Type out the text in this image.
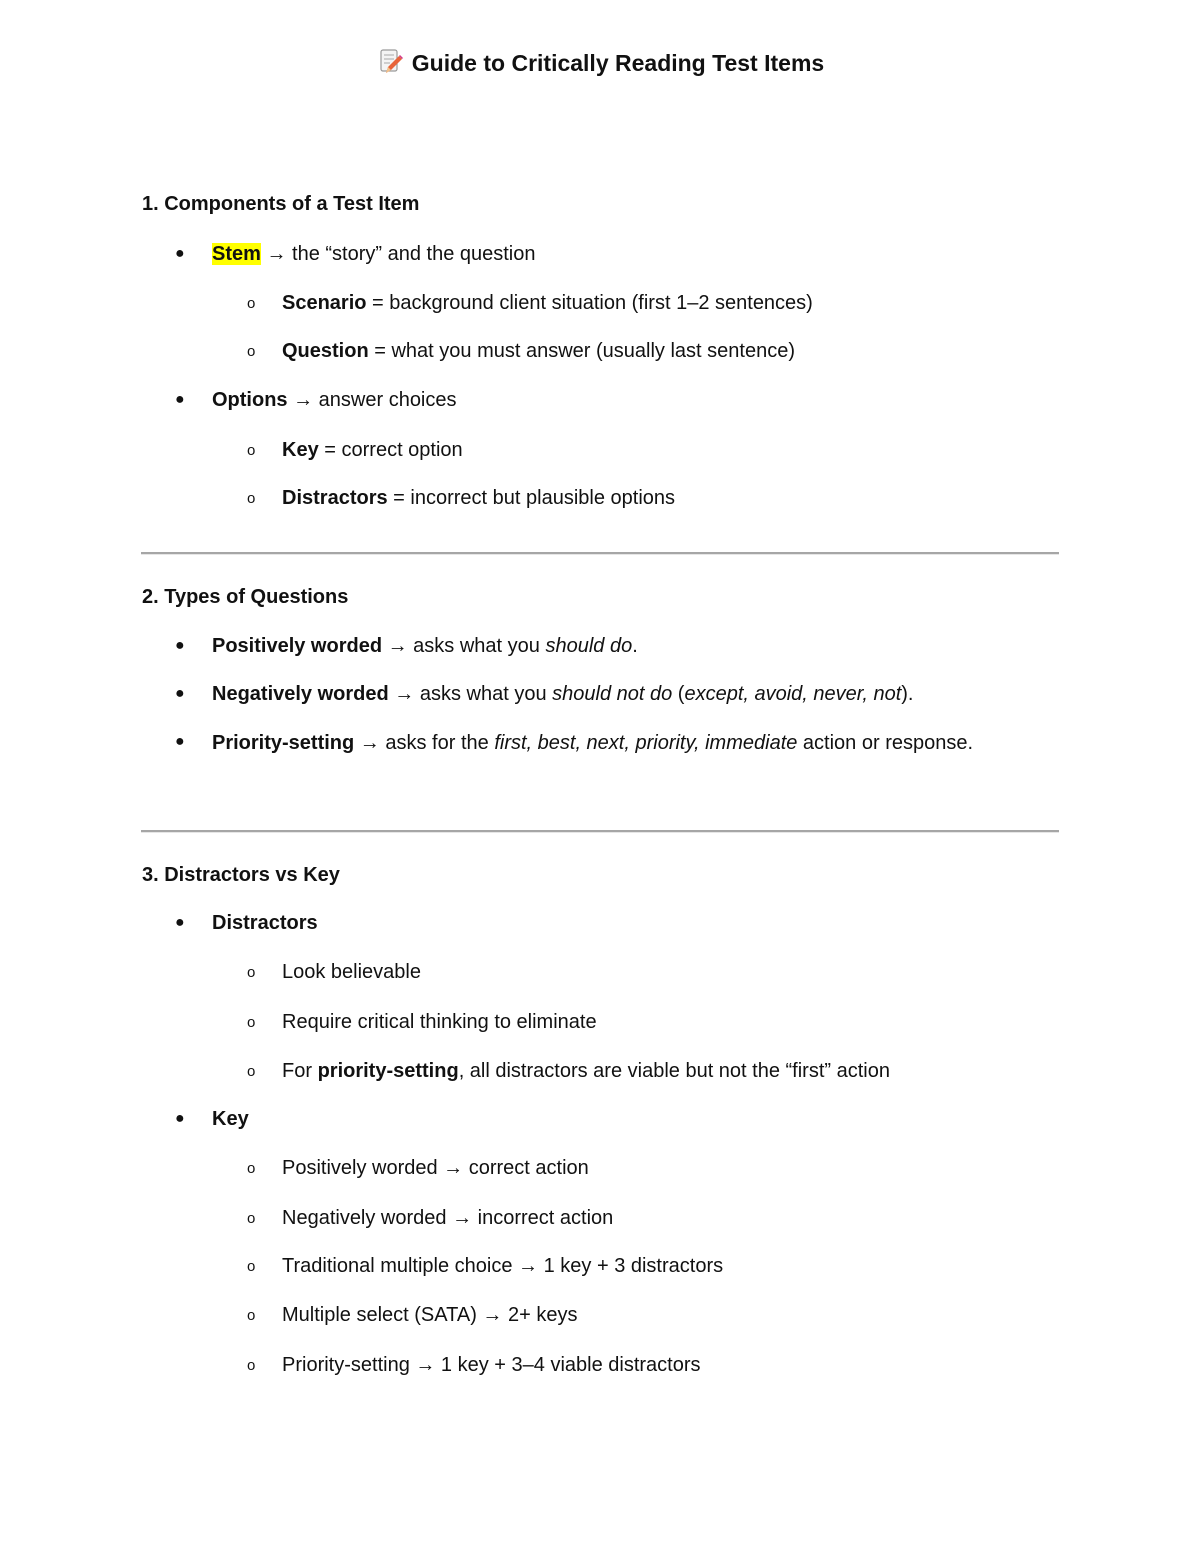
Guide to Critically Reading Test Items
1. Components of a Test Item

● Stem → the “story” and the question

o Scenario = background client situation (first 1–2 sentences)

o Question = what you must answer (usually last sentence)

● Options → answer choices

o Key = correct option

o Distractors = incorrect but plausible options

2. Types of Questions

● Positively worded → asks what you should do.

● Negatively worded → asks what you should not do (except, avoid, never, not).

● Priority-setting → asks for the first, best, next, priority, immediate action or response.

3. Distractors vs Key

● Distractors

o Look believable

o Require critical thinking to eliminate

o For priority-setting, all distractors are viable but not the “first” action

● Key

o Positively worded → correct action

o Negatively worded → incorrect action

o Traditional multiple choice → 1 key + 3 distractors

o Multiple select (SATA) → 2+ keys

o Priority-setting → 1 key + 3–4 viable distractors
